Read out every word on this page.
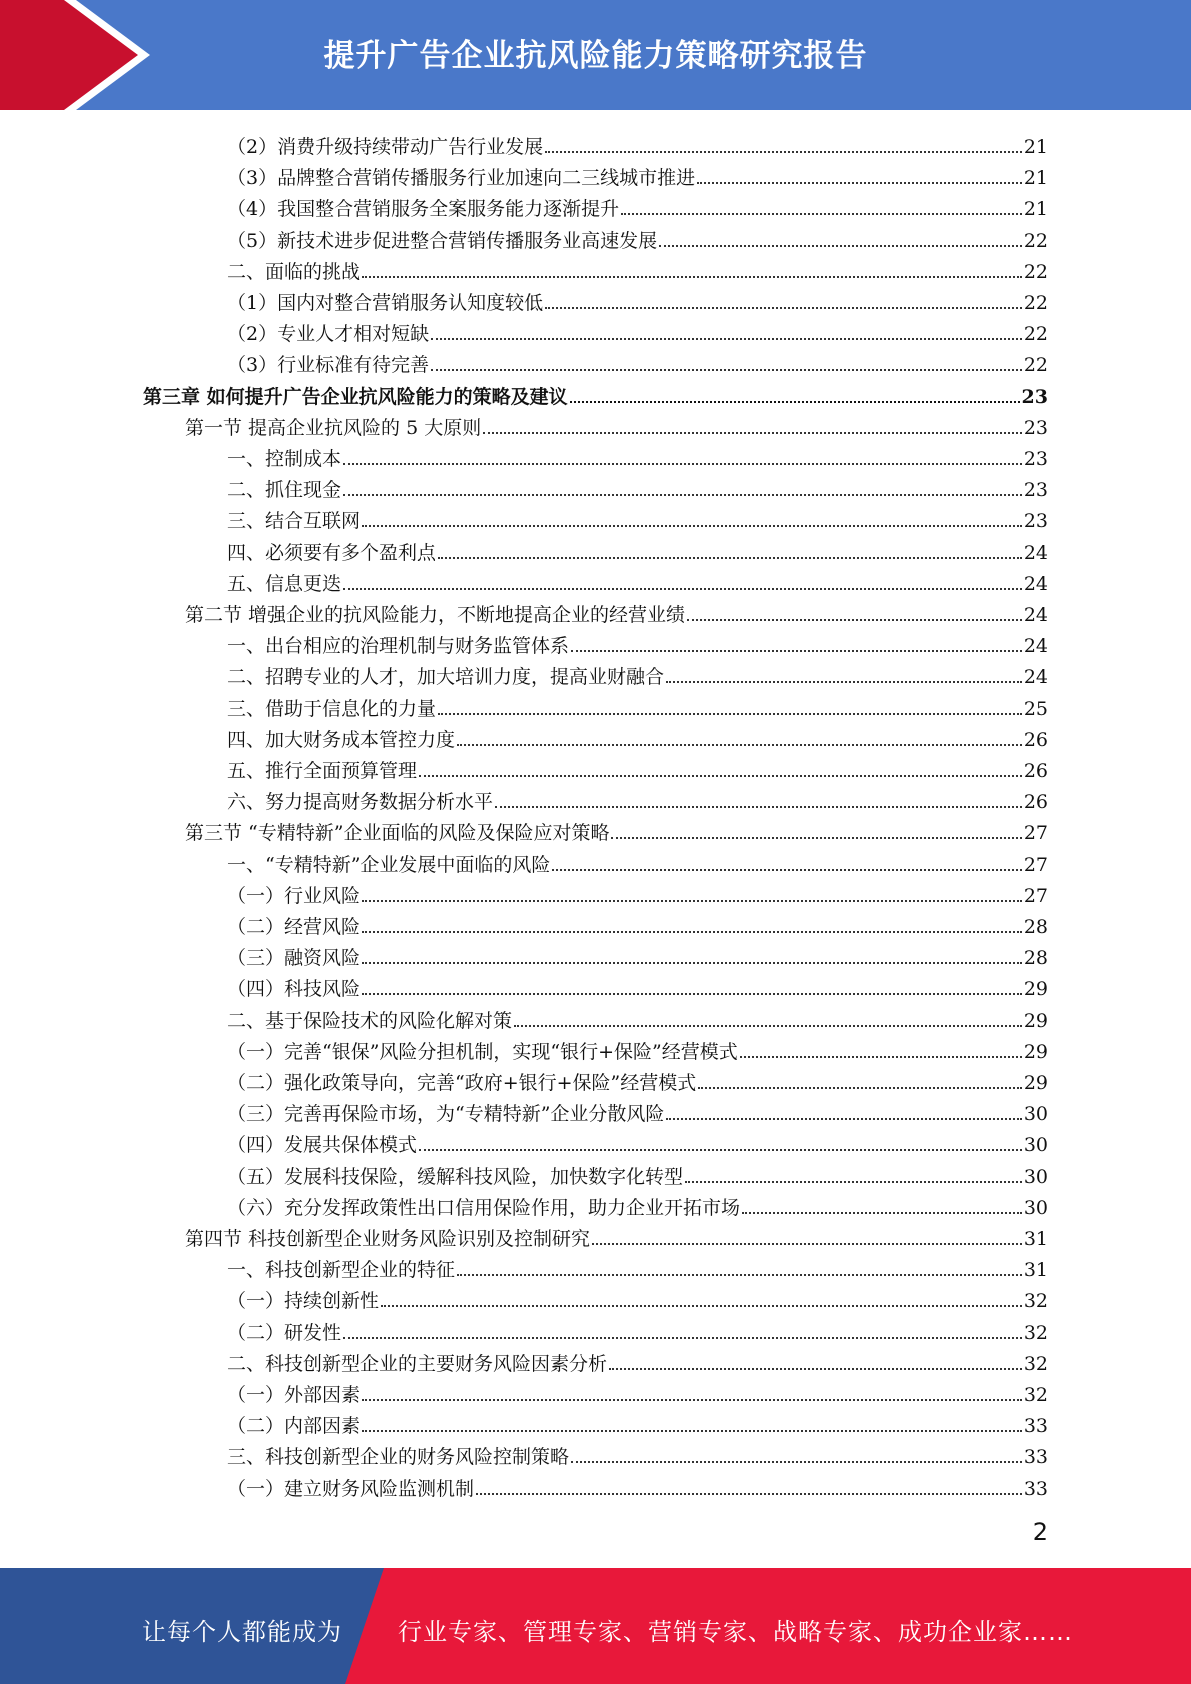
提升广告企业抗风险能力策略研究报告
（2）消费升级持续带动广告行业发展	21
（3）品牌整合营销传播服务行业加速向二三线城市推进	21
（4）我国整合营销服务全案服务能力逐渐提升	21
（5）新技术进步促进整合营销传播服务业高速发展	22
二、面临的挑战	22
（1）国内对整合营销服务认知度较低	22
（2）专业人才相对短缺	22
（3）行业标准有待完善	22
第三章 如何提升广告企业抗风险能力的策略及建议	23
第一节 提高企业抗风险的 5 大原则	23
一、控制成本	23
二、抓住现金	23
三、结合互联网	23
四、必须要有多个盈利点	24
五、信息更迭	24
第二节 增强企业的抗风险能力，不断地提高企业的经营业绩	24
一、出台相应的治理机制与财务监管体系	24
二、招聘专业的人才，加大培训力度，提高业财融合	24
三、借助于信息化的力量	25
四、加大财务成本管控力度	26
五、推行全面预算管理	26
六、努力提高财务数据分析水平	26
第三节 “专精特新”企业面临的风险及保险应对策略	27
一、“专精特新”企业发展中面临的风险	27
（一）行业风险	27
（二）经营风险	28
（三）融资风险	28
（四）科技风险	29
二、基于保险技术的风险化解对策	29
（一）完善“银保”风险分担机制，实现“银行+保险”经营模式	29
（二）强化政策导向，完善“政府+银行+保险”经营模式	29
（三）完善再保险市场，为“专精特新”企业分散风险	30
（四）发展共保体模式	30
（五）发展科技保险，缓解科技风险，加快数字化转型	30
（六）充分发挥政策性出口信用保险作用，助力企业开拓市场	30
第四节 科技创新型企业财务风险识别及控制研究	31
一、科技创新型企业的特征	31
（一）持续创新性	32
（二）研发性	32
二、科技创新型企业的主要财务风险因素分析	32
（一）外部因素	32
（二）内部因素	33
三、科技创新型企业的财务风险控制策略	33
（一）建立财务风险监测机制	33
2
让每个人都能成为 行业专家、管理专家、营销专家、战略专家、成功企业家……
